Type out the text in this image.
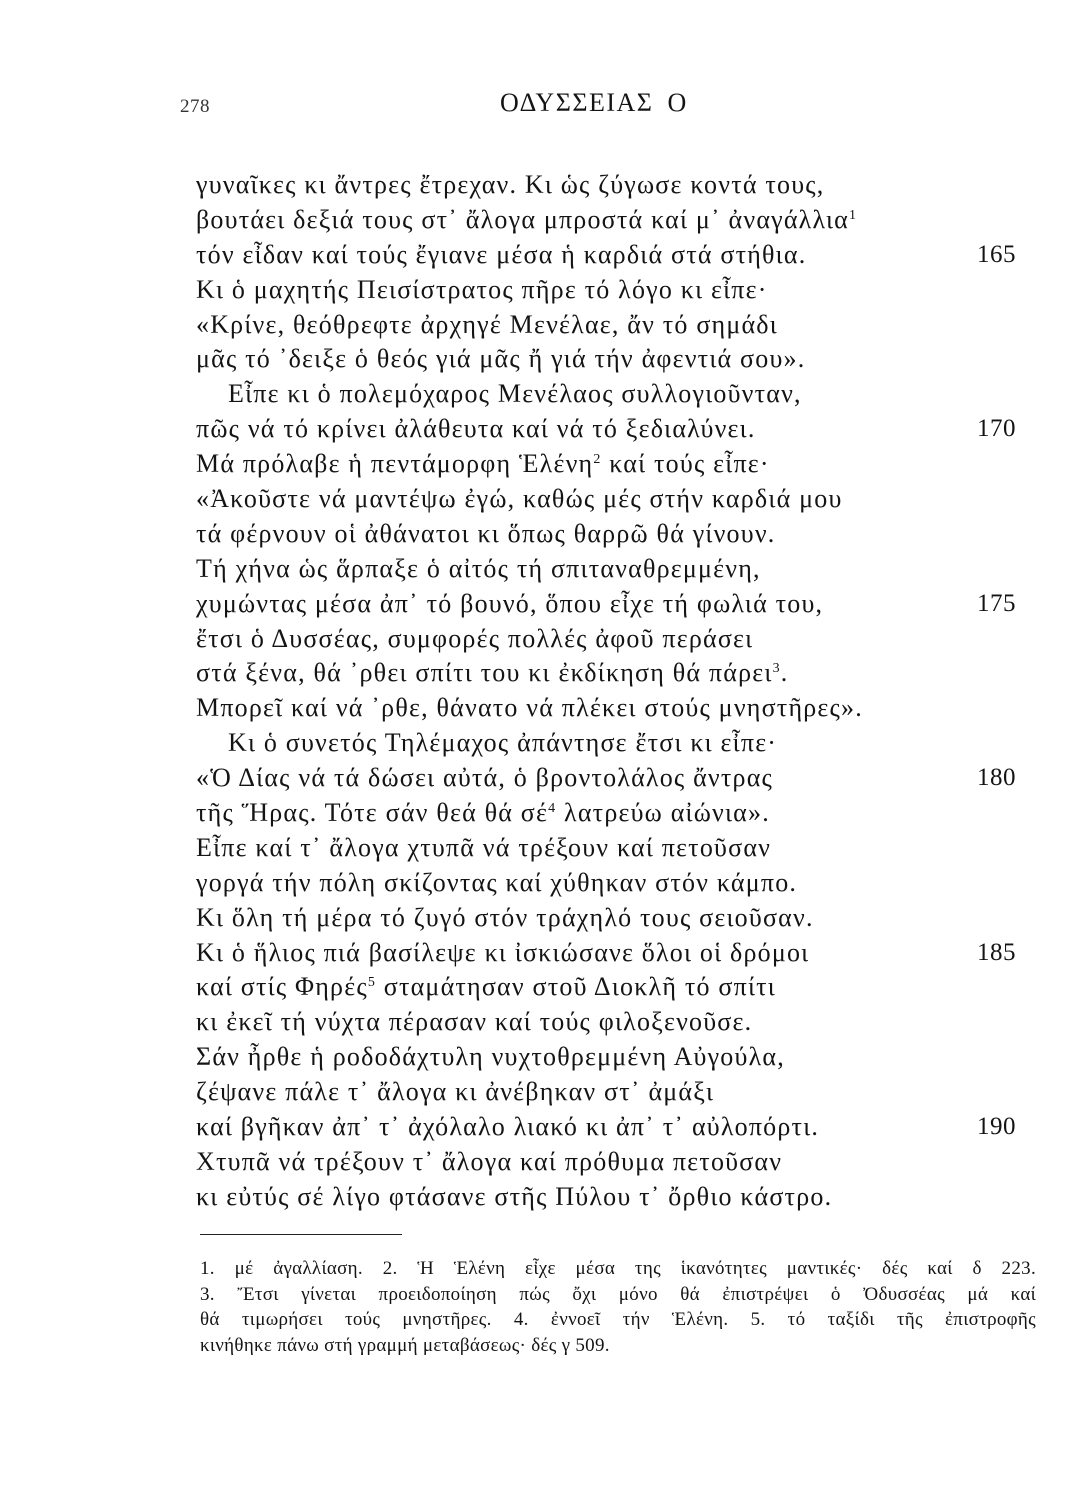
278	ΟΔΥΣΣΕΙΑΣ Ο
γυναῖκες κι ἄντρες ἔτρεχαν. Κι ὡς ζύγωσε κοντά τους,
βουτάει δεξιά τους στ᾽ ἄλογα μπροστά καί μ᾽ ἀναγάλλια$^1$
τόν εἶδαν καί τούς ἔγιανε μέσα ἡ καρδιά στά στήθια.	165
Κι ὁ μαχητής Πεισίστρατος πῆρε τό λόγο κι εἶπε·
«Κρίνε, θεόθρεφτε ἀρχηγέ Μενέλαε, ἄν τό σημάδι
μᾶς τό ᾽δειξε ὁ θεός γιά μᾶς ἤ γιά τήν ἀφεντιά σου».
Εἶπε κι ὁ πολεμόχαρος Μενέλαος συλλογιοῦνταν,
πῶς νά τό κρίνει ἀλάθευτα καί νά τό ξεδιαλύνει.	170
Μά πρόλαβε ἡ πεντάμορφη Ἑλένη$^2$ καί τούς εἶπε·
«Ἀκοῦστε νά μαντέψω ἐγώ, καθώς μές στήν καρδιά μου
τά φέρνουν οἱ ἀθάνατοι κι ὅπως θαρρῶ θά γίνουν.
Τή χήνα ὡς ἅρπαξε ὁ αἰτός τή σπιταναθρεμμένη,
χυμώντας μέσα ἀπ᾽ τό βουνό, ὅπου εἶχε τή φωλιά του,	175
ἔτσι ὁ Δυσσέας, συμφορές πολλές ἀφοῦ περάσει
στά ξένα, θά ᾽ρθει σπίτι του κι ἐκδίκηση θά πάρει$^3$.
Μπορεῖ καί νά ᾽ρθε, θάνατο νά πλέκει στούς μνηστῆρες».
Κι ὁ συνετός Τηλέμαχος ἀπάντησε ἔτσι κι εἶπε·
«Ὁ Δίας νά τά δώσει αὐτά, ὁ βροντολάλος ἄντρας	180
τῆς Ἥρας. Τότε σάν θεά θά $\sigma έ^4$ λατρεύω αἰώνια».
Εἶπε καί τ᾽ ἄλογα χτυπᾶ νά τρέξουν καί πετοῦσαν
γοργά τήν πόλη σκίζοντας καί χύθηκαν στόν κάμπο.
Κι ὅλη τή μέρα τό ζυγό στόν τράχηλό τους σειοῦσαν.
Κι ὁ ἥλιος πιά βασίλεψε κι ἰσκιώσανε ὅλοι οἱ δρόμοι	185
καί στίς Φηρές$^5$ σταμάτησαν στοῦ Διοκλῆ τό σπίτι
κι ἐκεῖ τή νύχτα πέρασαν καί τούς φιλοξενοῦσε.
Σάν ἦρθε ἡ ροδοδάχτυλη νυχτοθρεμμένη Αὐγούλα,
ζέψανε πάλε τ᾽ ἄλογα κι ἀνέβηκαν στ᾽ ἀμάξι
καί βγῆκαν ἀπ᾽ τ᾽ ἀχόλαλο λιακό κι ἀπ᾽ τ᾽ αὐλοπόρτι.	190
Χτυπᾶ νά τρέξουν τ᾽ ἄλογα καί πρόθυμα πετοῦσαν
κι εὐτύς σέ λίγο φτάσανε στῆς Πύλου τ᾽ ὄρθιο κάστρο.
1. μέ ἀγαλλίαση. 2. Ἡ Ἑλένη εἶχε μέσα της ἱκανότητες μαντικές· δές καί δ 223.
3. Ἔτσι γίνεται προειδοποίηση πώς ὄχι μόνο θά ἐπιστρέψει ὁ Ὀδυσσέας μά καί
θά τιμωρήσει τούς μνηστῆρες. 4. ἐννοεῖ τήν Ἑλένη. 5. τό ταξίδι τῆς ἐπιστροφῆς
κινήθηκε πάνω στή γραμμή μεταβάσεως· δές γ 509.
